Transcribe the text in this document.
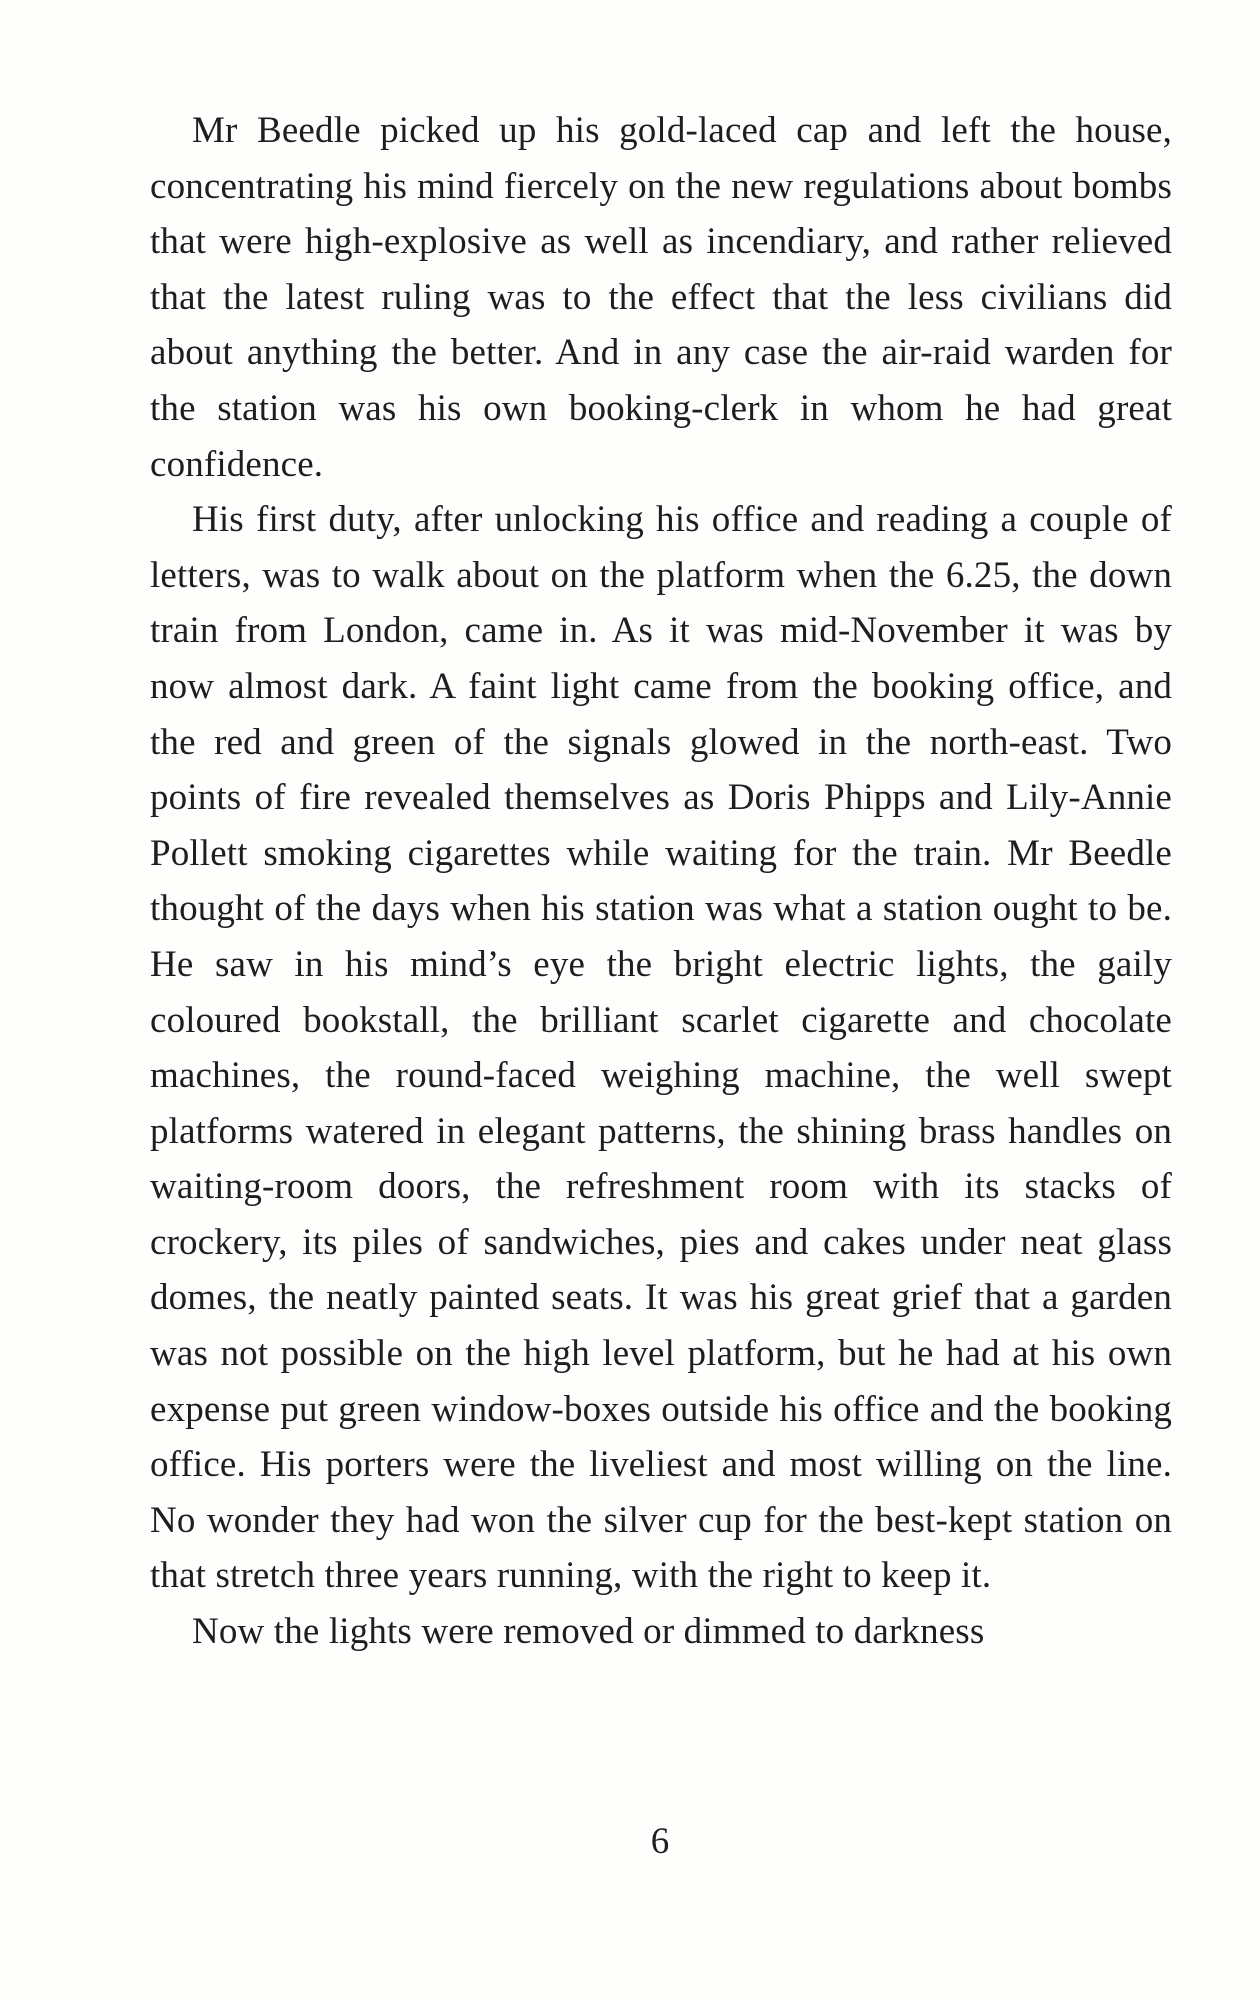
Mr Beedle picked up his gold-laced cap and left the house, concentrating his mind fiercely on the new regulations about bombs that were high-explosive as well as incendiary, and rather relieved that the latest ruling was to the effect that the less civilians did about anything the better. And in any case the air-raid warden for the station was his own booking-clerk in whom he had great confidence.

His first duty, after unlocking his office and reading a couple of letters, was to walk about on the platform when the 6.25, the down train from London, came in. As it was mid-November it was by now almost dark. A faint light came from the booking office, and the red and green of the signals glowed in the north-east. Two points of fire revealed themselves as Doris Phipps and Lily-Annie Pollett smoking cigarettes while waiting for the train. Mr Beedle thought of the days when his station was what a station ought to be. He saw in his mind’s eye the bright electric lights, the gaily coloured bookstall, the brilliant scarlet cigarette and chocolate machines, the round-faced weighing machine, the well swept platforms watered in elegant patterns, the shining brass handles on waiting-room doors, the refreshment room with its stacks of crockery, its piles of sandwiches, pies and cakes under neat glass domes, the neatly painted seats. It was his great grief that a garden was not possible on the high level platform, but he had at his own expense put green window-boxes outside his office and the booking office. His porters were the liveliest and most willing on the line. No wonder they had won the silver cup for the best-kept station on that stretch three years running, with the right to keep it.

Now the lights were removed or dimmed to darkness

6
